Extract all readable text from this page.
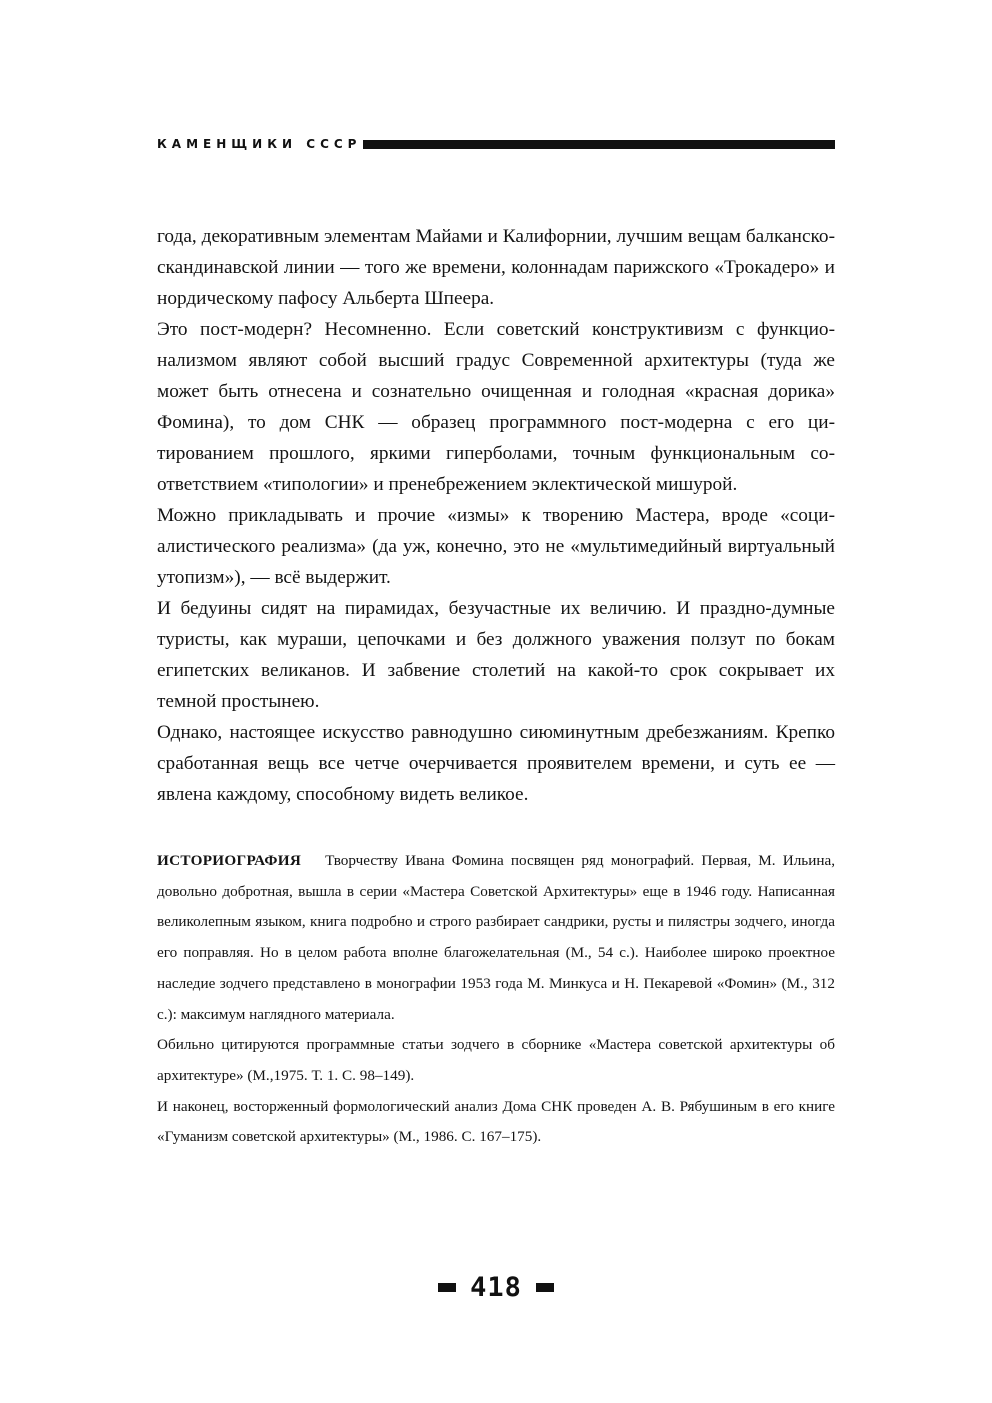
КАМЕНЩИКИ СССР

года, декоративным элементам Майами и Калифорнии, лучшим вещам балканско-скандинавской линии — того же времени, колоннадам парижского «Трокадеро» и нордическому пафосу Альберта Шпеера.

Это пост-модерн? Несомненно. Если советский конструктивизм с функционализмом являют собой высший градус Современной архитектуры (туда же может быть отнесена и сознательно очищенная и голодная «красная дорика» Фомина), то дом СНК — образец программного пост-модерна с его цитированием прошлого, яркими гиперболами, точным функциональным соответствием «типологии» и пренебрежением эклектической мишурой.

Можно прикладывать и прочие «измы» к творению Мастера, вроде «социалистического реализма» (да уж, конечно, это не «мультимедийный виртуальный утопизм»), — всё выдержит.

И бедуины сидят на пирамидах, безучастные их величию. И праздно-думные туристы, как мураши, цепочками и без должного уважения ползут по бокам египетских великанов. И забвение столетий на какой-то срок сокрывает их темной простынею.

Однако, настоящее искусство равнодушно сиюминутным дребезжаниям. Крепко сработанная вещь все четче очерчивается проявителем времени, и суть ее — явлена каждому, способному видеть великое.

ИСТОРИОГРАФИЯ Творчеству Ивана Фомина посвящен ряд монографий. Первая, М. Ильина, довольно добротная, вышла в серии «Мастера Советской Архитектуры» еще в 1946 году. Написанная великолепным языком, книга подробно и строго разбирает сандрики, русты и пилястры зодчего, иногда его поправляя. Но в целом работа вполне благожелательная (М., 54 с.). Наиболее широко проектное наследие зодчего представлено в монографии 1953 года М. Минкуса и Н. Пекаревой «Фомин» (М., 312 с.): максимум наглядного материала.

Обильно цитируются программные статьи зодчего в сборнике «Мастера советской архитектуры об архитектуре» (М.,1975. Т. 1. С. 98–149).

И наконец, восторженный формологический анализ Дома СНК проведен А. В. Рябушиным в его книге «Гуманизм советской архитектуры» (М., 1986. С. 167–175).

418
